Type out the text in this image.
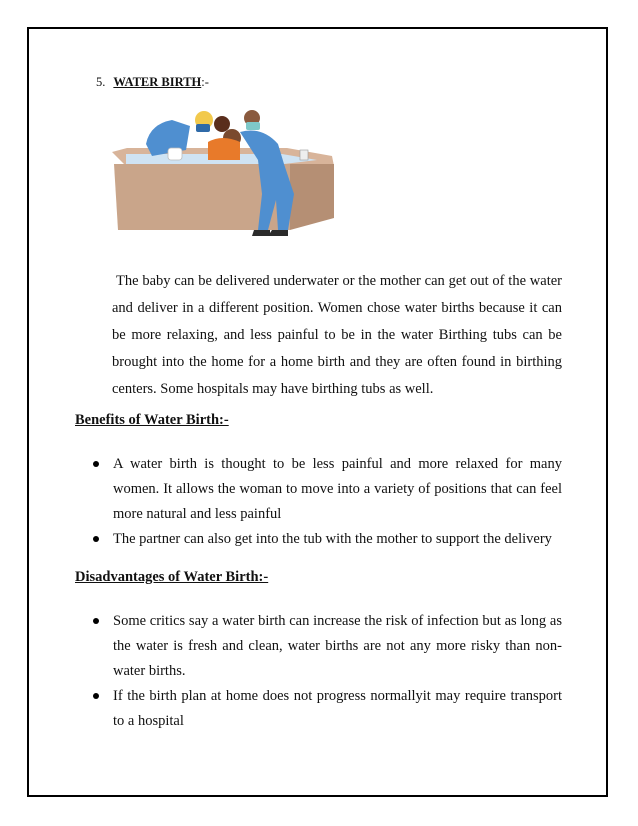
5. WATER BIRTH:-

The baby can be delivered underwater or the mother can get out of the water and deliver in a different position. Women chose water births because it can be more relaxing, and less painful to be in the water Birthing tubs can be brought into the home for a home birth and they are often found in birthing centers. Some hospitals may have birthing tubs as well.

Benefits of Water Birth:-
A water birth is thought to be less painful and more relaxed for many women. It allows the woman to move into a variety of positions that can feel more natural and less painful
The partner can also get into the tub with the mother to support the delivery
Disadvantages of Water Birth:-
Some critics say a water birth can increase the risk of infection but as long as the water is fresh and clean, water births are not any more risky than non-water births.
If the birth plan at home does not progress normallyit may require transport to a hospital
